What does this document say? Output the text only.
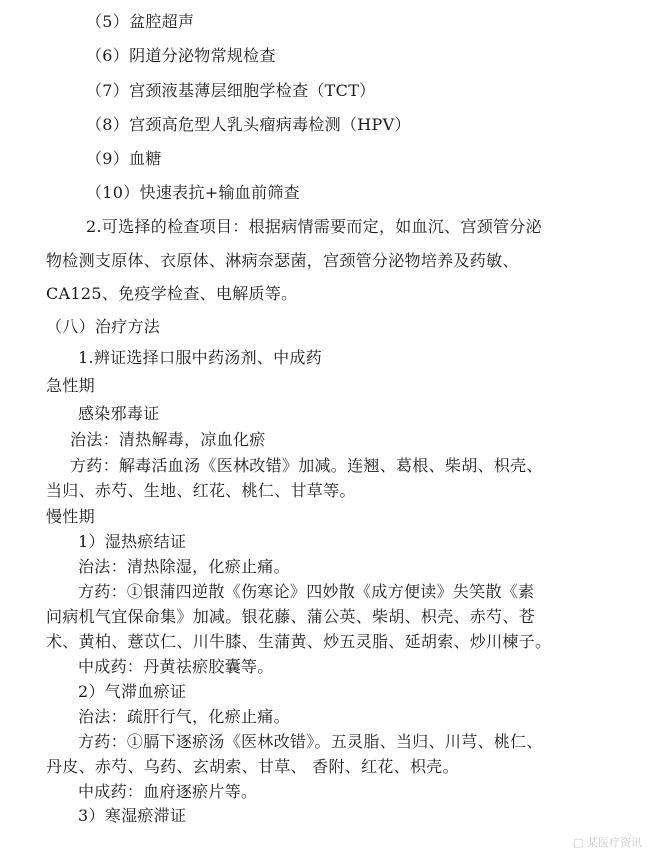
（5）盆腔超声
（6）阴道分泌物常规检查
（7）宫颈液基薄层细胞学检查（TCT）
（8）宫颈高危型人乳头瘤病毒检测（HPV）
（9）血糖
（10）快速表抗+输血前筛查
2.可选择的检查项目：根据病情需要而定，如血沉、宫颈管分泌
物检测支原体、衣原体、淋病奈瑟菌，宫颈管分泌物培养及药敏、
CA125、免疫学检查、电解质等。
（八）治疗方法
1.辨证选择口服中药汤剂、中成药
急性期
感染邪毒证
治法：清热解毒，凉血化瘀
方药：解毒活血汤《医林改错》加减。连翘、葛根、柴胡、枳壳、
当归、赤芍、生地、红花、桃仁、甘草等。
慢性期
1）湿热瘀结证
治法：清热除湿，化瘀止痛。
方药：①银蒲四逆散《伤寒论》四妙散《成方便读》失笑散《素
问病机气宜保命集》加减。银花藤、蒲公英、柴胡、枳壳、赤芍、苍
术、黄柏、薏苡仁、川牛膝、生蒲黄、炒五灵脂、延胡索、炒川楝子。
中成药：丹黄祛瘀胶囊等。
2）气滞血瘀证
治法：疏肝行气，化瘀止痛。
方药：①膈下逐瘀汤《医林改错》。五灵脂、当归、川芎、桃仁、
丹皮、赤芍、乌药、玄胡索、甘草、 香附、红花、枳壳。
中成药：血府逐瘀片等。
3）寒湿瘀滞证
▢ 某医疗资讯
